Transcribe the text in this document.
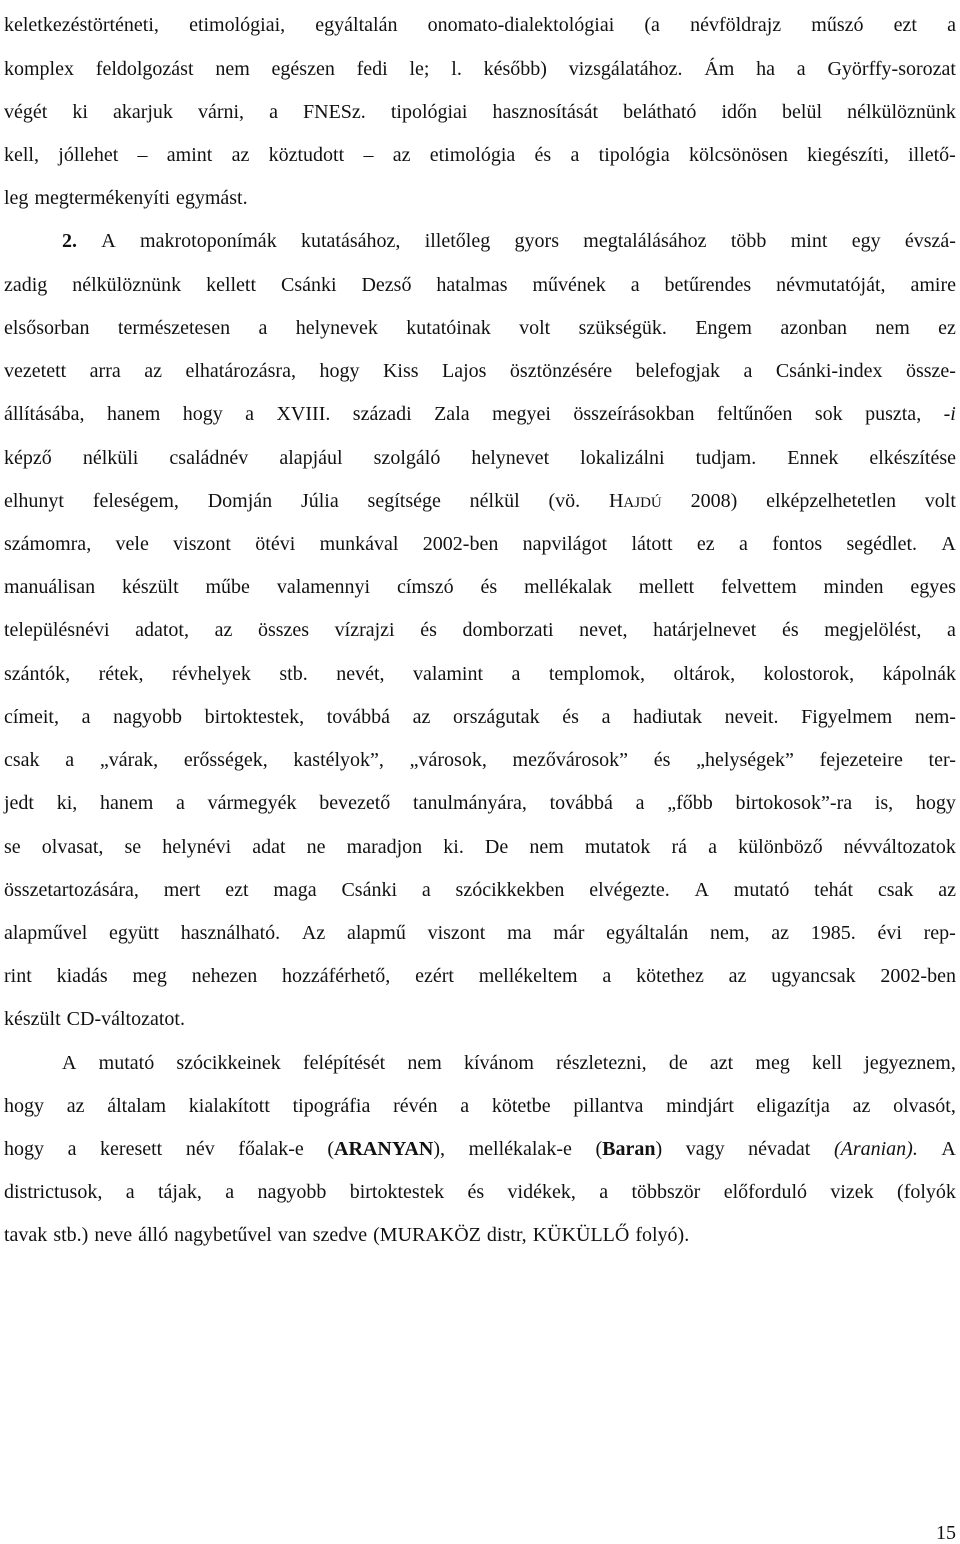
keletkezéstörténeti, etimológiai, egyáltalán onomato-dialektológiai (a névföldrajz műszó ezt a
komplex feldolgozást nem egészen fedi le; l. később) vizsgálatához. Ám ha a Györffy-sorozat
végét ki akarjuk várni, a FNESz. tipológiai hasznosítását belátható időn belül nélkülöznünk
kell, jóllehet – amint az köztudott – az etimológia és a tipológia kölcsönösen kiegészíti, illető-
leg megtermékenyíti egymást.
2. A makrotoponímák kutatásához, illetőleg gyors megtalálásához több mint egy évszá-
zadig nélkülöznünk kellett Csánki Dezső hatalmas művének a betűrendes névmutatóját, amire
elsősorban természetesen a helynevek kutatóinak volt szükségük. Engem azonban nem ez
vezetett arra az elhatározásra, hogy Kiss Lajos ösztönzésére belefogjak a Csánki-index össze-
állításába, hanem hogy a XVIII. századi Zala megyei összeírásokban feltűnően sok puszta, -i
képző nélküli családnév alapjául szolgáló helynevet lokalizálni tudjam. Ennek elkészítése
elhunyt feleségem, Domján Júlia segítsége nélkül (vö. HAJDÚ 2008) elképzelhetetlen volt
számomra, vele viszont ötévi munkával 2002-ben napvilágot látott ez a fontos segédlet. A
manuálisan készült műbe valamennyi címszó és mellékalak mellett felvettem minden egyes
településnévi adatot, az összes vízrajzi és domborzati nevet, határjelnevet és megjelölést, a
szántók, rétek, révhelyek stb. nevét, valamint a templomok, oltárok, kolostorok, kápolnák
címeit, a nagyobb birtoktestek, továbbá az országutak és a hadiutak neveit. Figyelmem nem-
csak a „várak, erősségek, kastélyok”, „városok, mezővárosok” és „helységek” fejezeteire ter-
jedt ki, hanem a vármegyék bevezető tanulmányára, továbbá a „főbb birtokosok”-ra is, hogy
se olvasat, se helynévi adat ne maradjon ki. De nem mutatok rá a különböző névváltozatok
összetartozására, mert ezt maga Csánki a szócikkekben elvégezte. A mutató tehát csak az
alapművel együtt használható. Az alapmű viszont ma már egyáltalán nem, az 1985. évi rep-
rint kiadás meg nehezen hozzáférhető, ezért mellékeltem a kötethez az ugyancsak 2002-ben
készült CD-változatot.
A mutató szócikkeinek felépítését nem kívánom részletezni, de azt meg kell jegyeznem,
hogy az általam kialakított tipográfia révén a kötetbe pillantva mindjárt eligazítja az olvasót,
hogy a keresett név főalak-e (ARANYAN), mellékalak-e (Baran) vagy névadat (Aranian). A
districtusok, a tájak, a nagyobb birtoktestek és vidékek, a többször előforduló vizek (folyók
tavak stb.) neve álló nagybetűvel van szedve (MURAKÖZ distr, KÜKÜLLŐ folyó).
15
